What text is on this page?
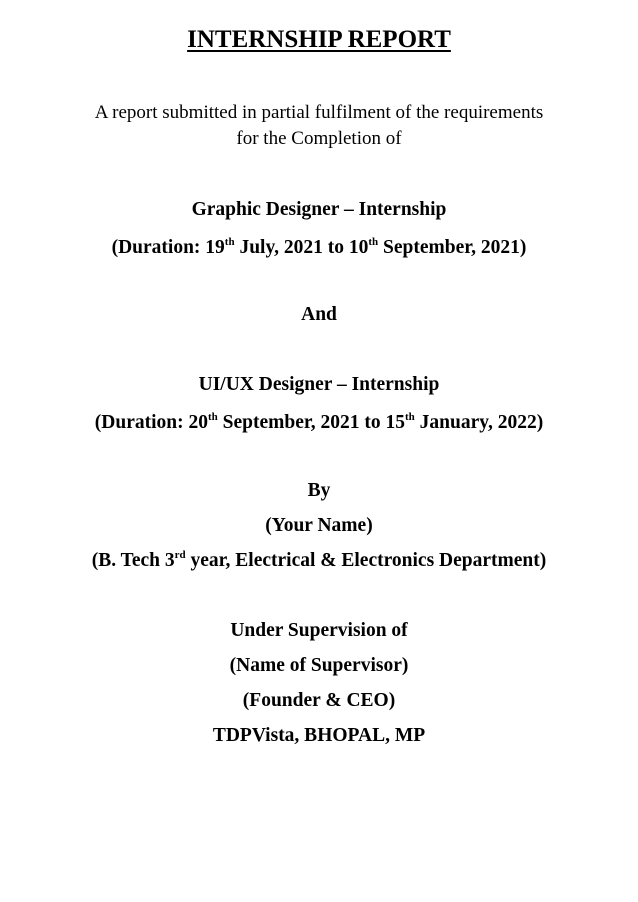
INTERNSHIP REPORT
A report submitted in partial fulfilment of the requirements
for the Completion of
Graphic Designer – Internship
(Duration: 19th July, 2021 to 10th September, 2021)
And
UI/UX Designer – Internship
(Duration: 20th September, 2021 to 15th January, 2022)
By
(Your Name)
(B. Tech 3rd year, Electrical & Electronics Department)
Under Supervision of
(Name of Supervisor)
(Founder & CEO)
TDPVista, BHOPAL, MP
